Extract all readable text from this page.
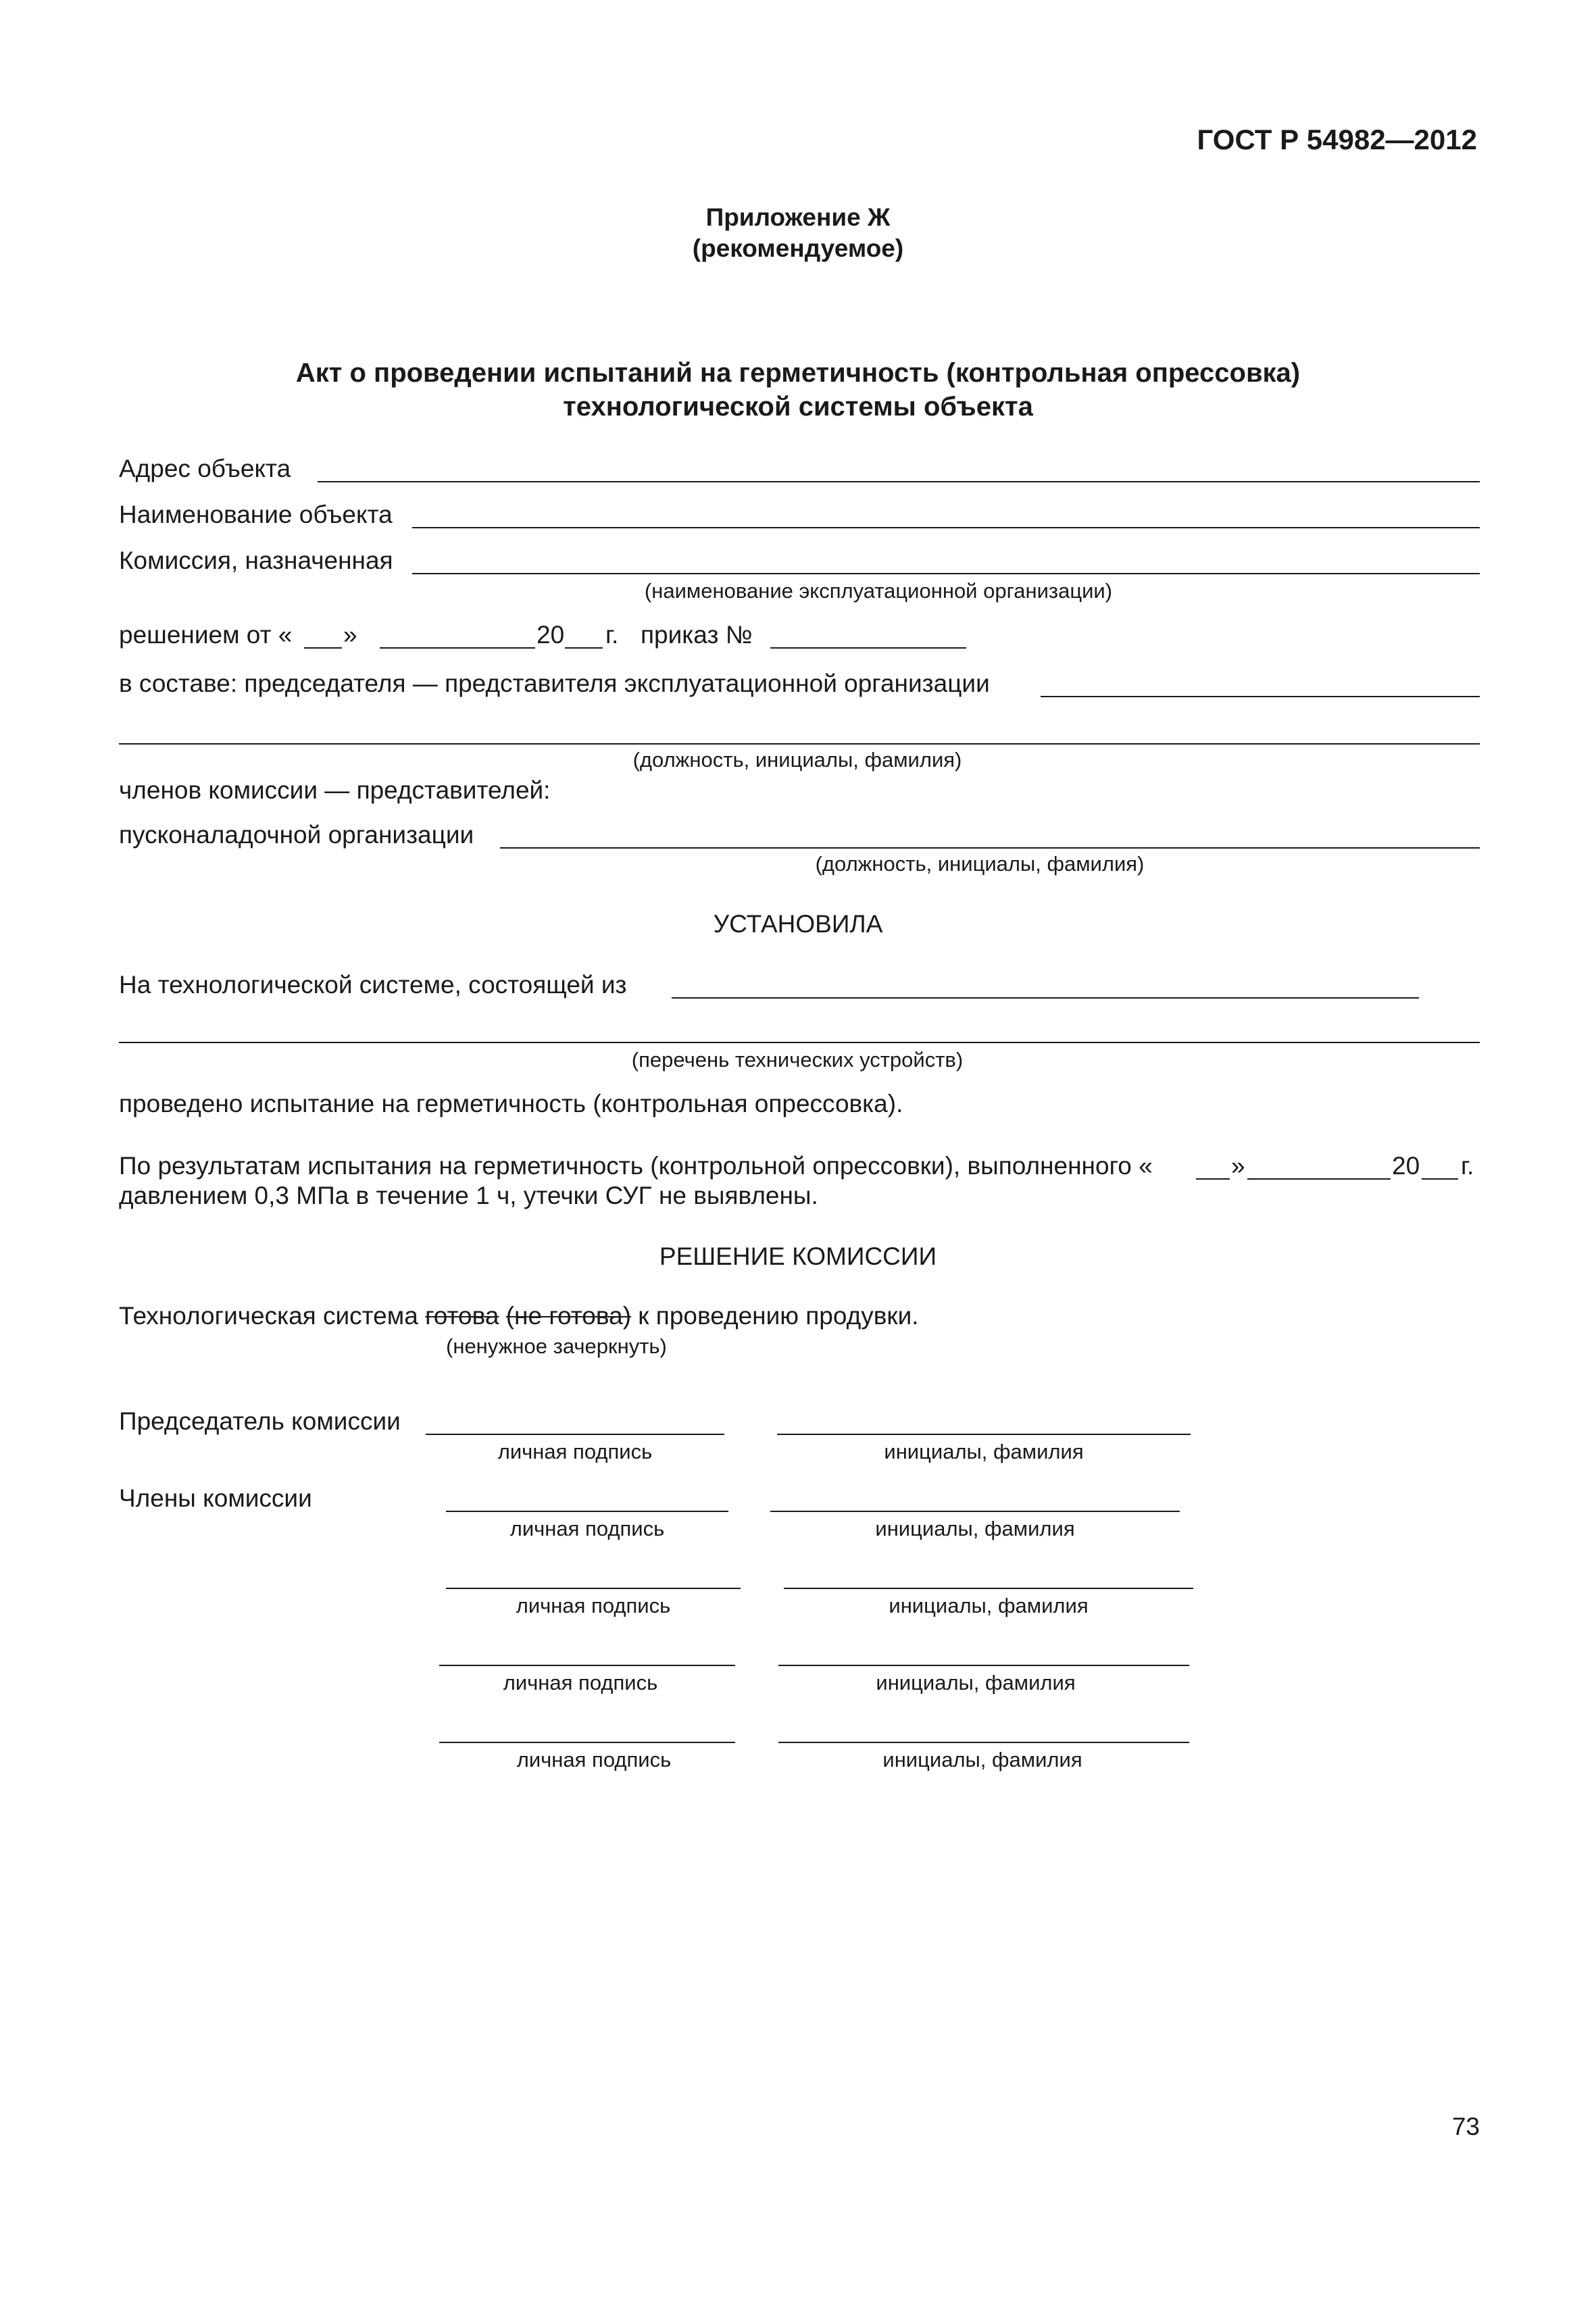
ГОСТ Р 54982—2012
Приложение Ж
(рекомендуемое)
Акт о проведении испытаний на герметичность (контрольная опрессовка)
технологической системы объекта
Адрес объекта
Наименование объекта
Комиссия, назначенная
(наименование эксплуатационной организации)
решением от « »	20 г. приказ №
в составе: председателя — представителя эксплуатационной организации
(должность, инициалы, фамилия)
членов комиссии — представителей:
пусконаладочной организации
(должность, инициалы, фамилия)
УСТАНОВИЛА
На технологической системе, состоящей из
(перечень технических устройств)
проведено испытание на герметичность (контрольная опрессовка).
По результатам испытания на герметичность (контрольной опрессовки), выполненного «	»	20 г.
давлением 0,3 МПа в течение 1 ч, утечки СУГ не выявлены.
РЕШЕНИЕ КОМИССИИ
Технологическая система готова (не готова) к проведению продувки.
(ненужное зачеркнуть)
Председатель комиссии
личная подпись	инициалы, фамилия
Члены комиссии
личная подпись	инициалы, фамилия
личная подпись	инициалы, фамилия
личная подпись	инициалы, фамилия
личная подпись	инициалы, фамилия
73
